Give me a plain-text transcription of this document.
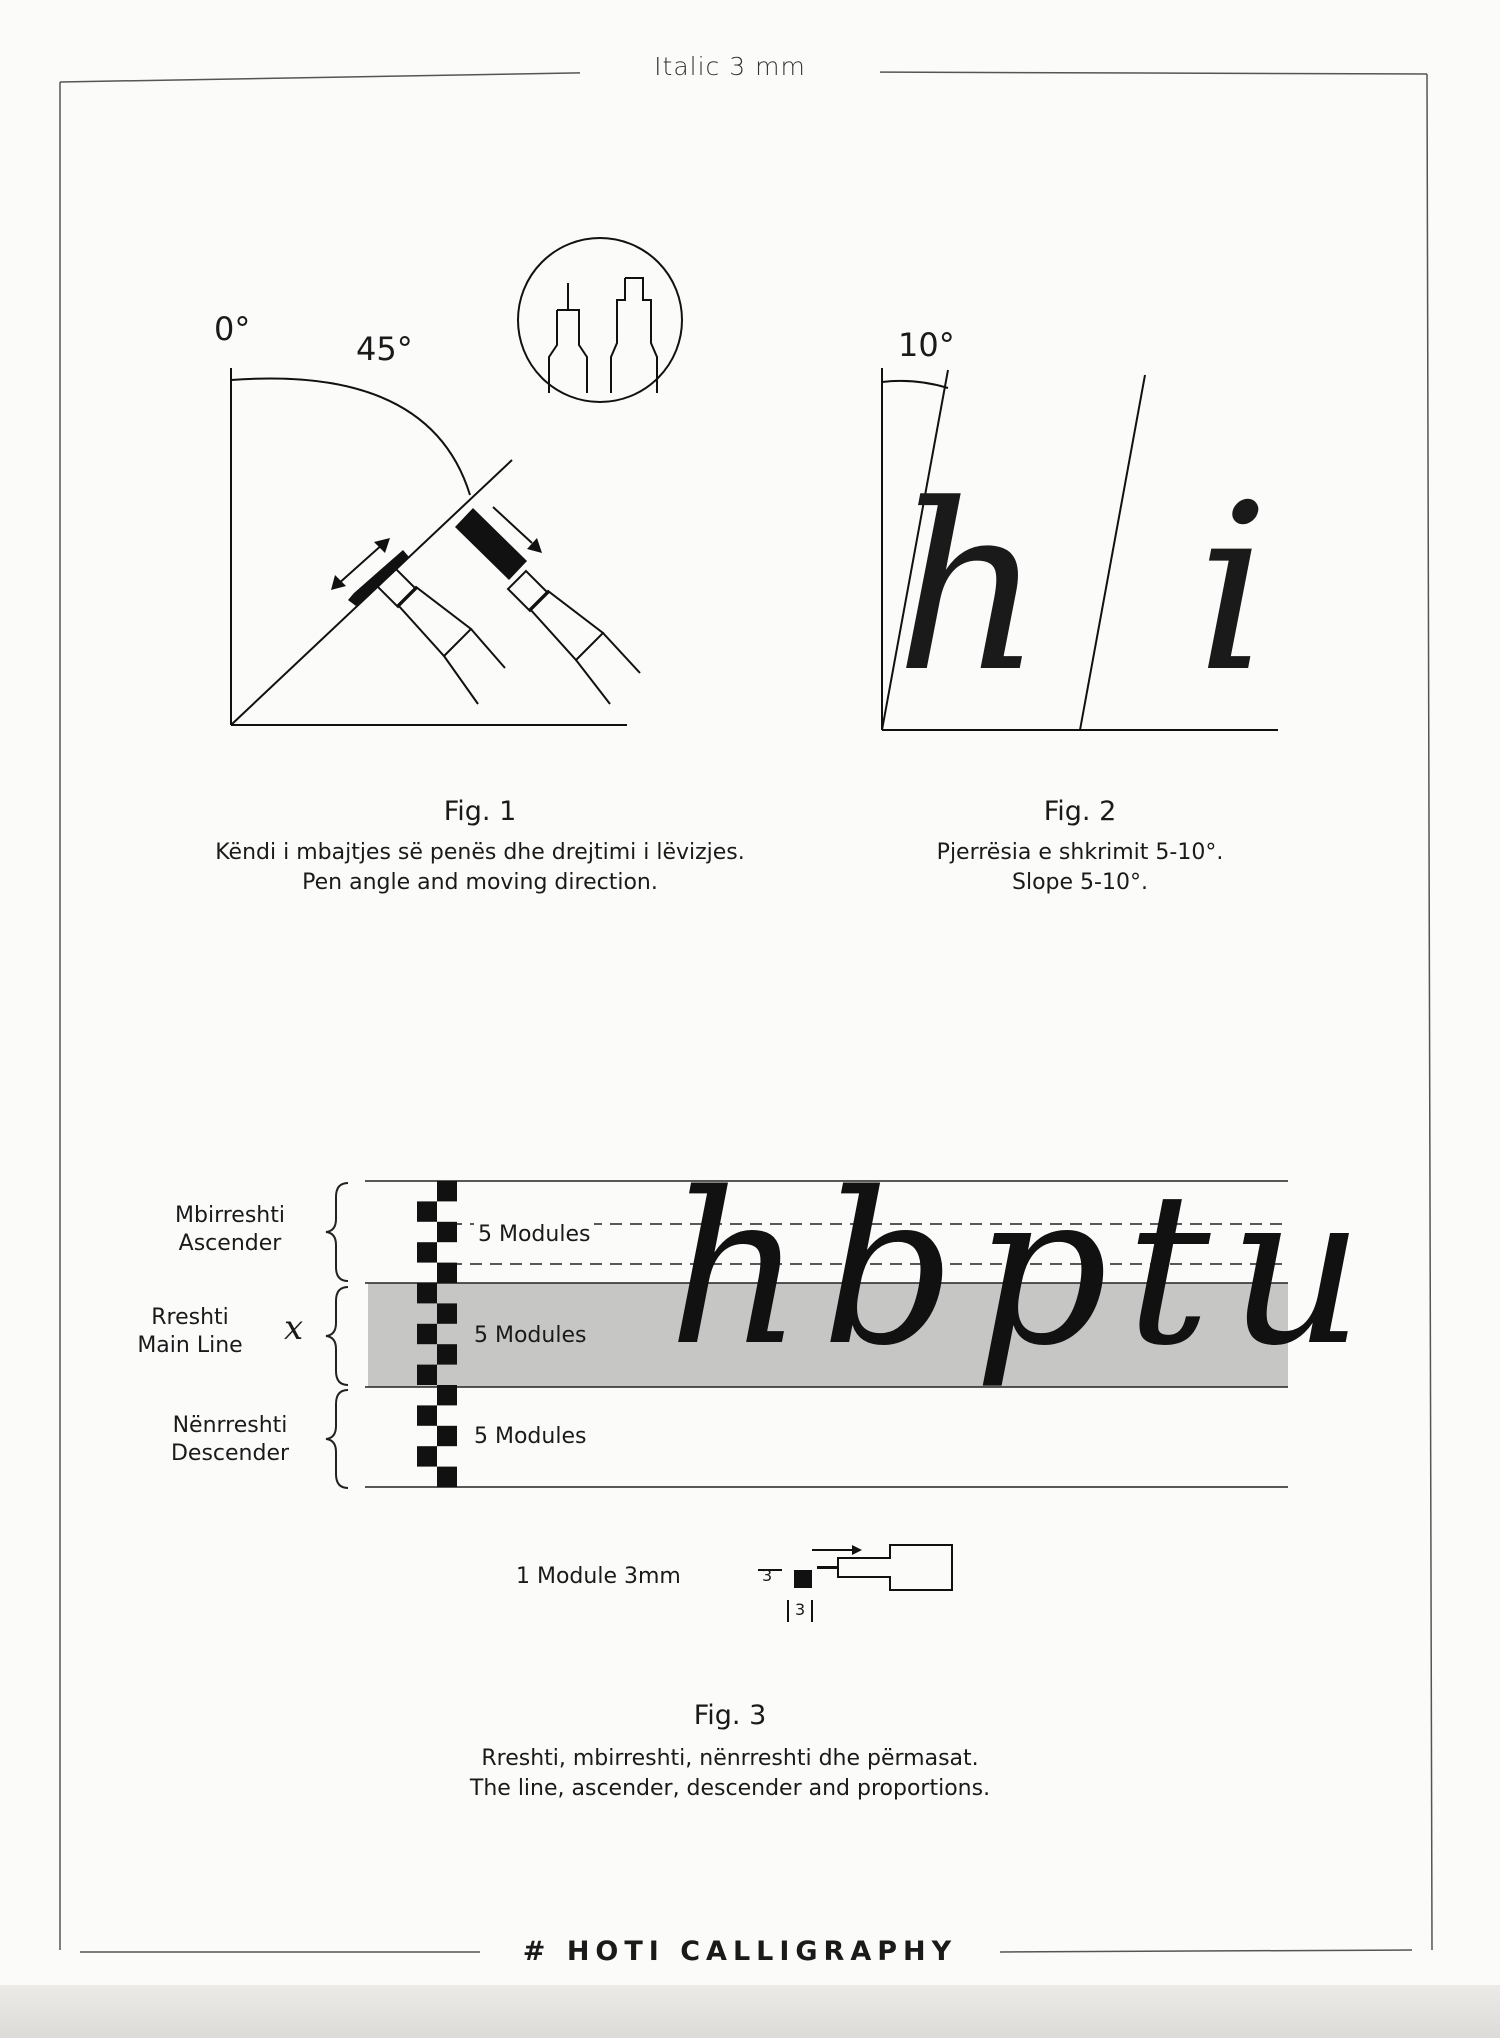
Italic 3 mm
# HOTI CALLIGRAPHY
0°
45°
Fig. 1
Këndi i mbajtjes së penës dhe drejtimi i lëvizjes.
Pen angle and moving direction.
10°
h i
Fig. 2
Pjerrësia e shkrimit 5-10°.
Slope 5-10°.
Mbirreshti
Ascender
Rreshti
Main Line	x
Nënrreshti
Descender
5 Modules
5 Modules
5 Modules
hbptu
1 Module 3mm	3
3
Fig. 3
Rreshti, mbirreshti, nënrreshti dhe përmasat.
The line, ascender, descender and proportions.
